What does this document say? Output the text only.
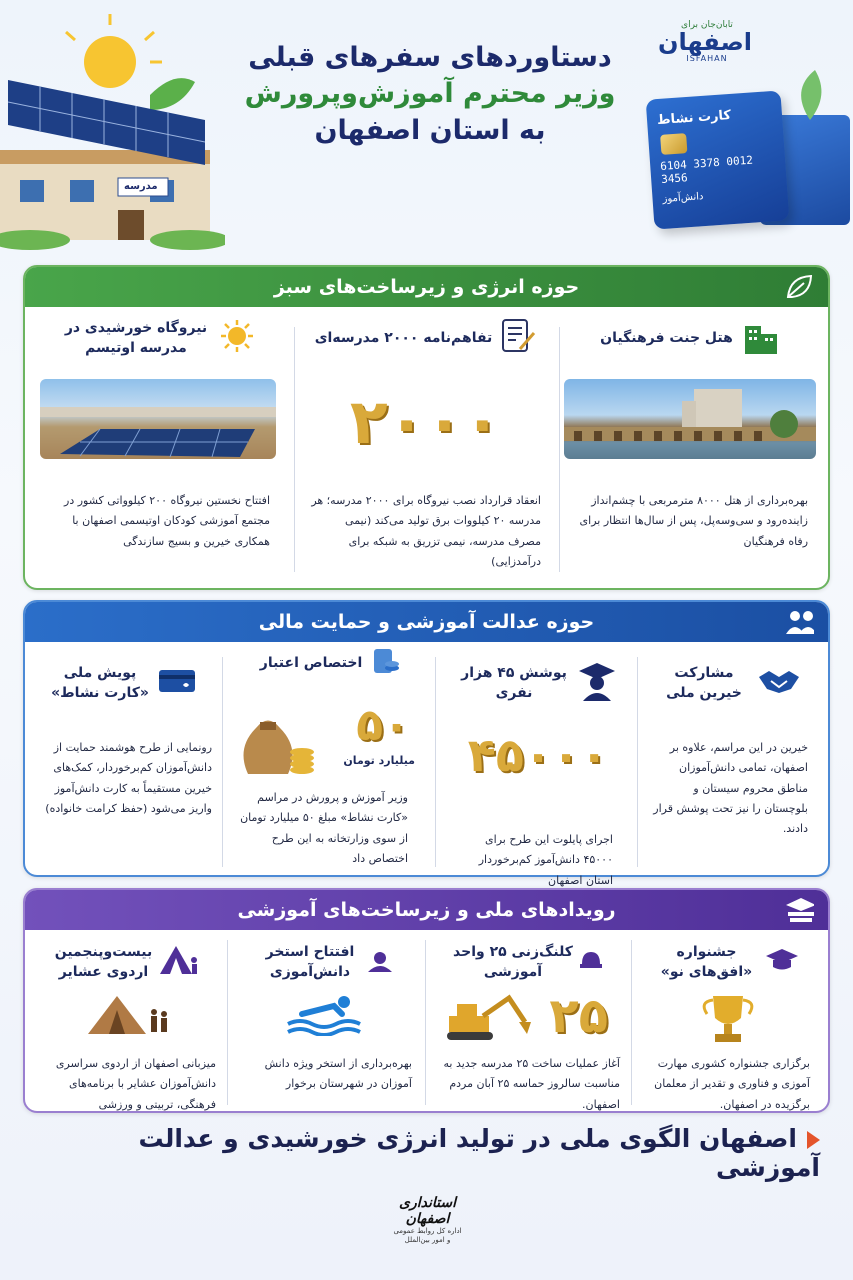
مدرسه
دستاوردهای سفرهای قبلی
وزیر محترم آموزش‌وپرورش
به استان اصفهان
تابان‌جان برای
اصفهان
ISFAHAN
کارت نشاط
6104 3378 0012 3456
دانش‌آموز
حوزه انرژی و زیرساخت‌های سبز
هتل جنت فرهنگیان
بهره‌برداری از هتل ۸۰۰۰ مترمربعی با چشم‌انداز زاینده‌رود و سی‌وسه‌پل، پس از سال‌ها انتظار برای رفاه فرهنگیان
تفاهم‌نامه ۲۰۰۰ مدرسه‌ای
۲۰۰۰
انعقاد قرارداد نصب نیروگاه برای ۲۰۰۰ مدرسه؛ هر مدرسه ۲۰ کیلووات برق تولید می‌کند (نیمی مصرف مدرسه، نیمی تزریق به شبکه برای درآمدزایی)
نیروگاه خورشیدی در مدرسه اوتیسم
افتتاح نخستین نیروگاه ۲۰۰ کیلوواتی کشور در مجتمع آموزشی کودکان اوتیسمی اصفهان با همکاری خیرین و بسیج سازندگی
حوزه عدالت آموزشی و حمایت مالی
مشارکت خیرین ملی
خیرین در این مراسم، علاوه بر اصفهان، تمامی دانش‌آموزان مناطق محروم سیستان و بلوچستان را نیز تحت پوشش قرار دادند.
پوشش ۴۵ هزار نفری
۴۵۰۰۰
اجرای پایلوت این طرح برای ۴۵۰۰۰ دانش‌آموز کم‌برخوردار استان اصفهان
اختصاص اعتبار
۵۰
میلیارد تومان
وزیر آموزش و پرورش در مراسم «کارت نشاط» مبلغ ۵۰ میلیارد تومان از سوی وزارتخانه به این طرح اختصاص داد
پویش ملی «کارت نشاط»
رونمایی از طرح هوشمند حمایت از دانش‌آموزان کم‌برخوردار، کمک‌های خیرین مستقیماً به کارت دانش‌آموز واریز می‌شود (حفظ کرامت خانواده)
رویدادهای ملی و زیرساخت‌های آموزشی
جشنواره «افق‌های نو»
برگزاری جشنواره کشوری مهارت آموزی و فناوری و تقدیر از معلمان برگزیده در اصفهان.
کلنگ‌زنی ۲۵ واحد آموزشی
۲۵
آغاز عملیات ساخت ۲۵ مدرسه جدید به مناسبت سالروز حماسه ۲۵ آبان مردم اصفهان.
افتتاح استخر دانش‌آموزی
بهره‌برداری از استخر ویژه دانش آموزان در شهرستان برخوار
بیست‌وپنجمین اردوی عشایر
میزبانی اصفهان از اردوی سراسری دانش‌آموزان عشایر با برنامه‌های فرهنگی، تربیتی و ورزشی
اصفهان الگوی ملی در تولید انرژی خورشیدی و عدالت آموزشی
استانداری اصفهان
اداره کل روابط عمومی
و امور بین‌الملل
